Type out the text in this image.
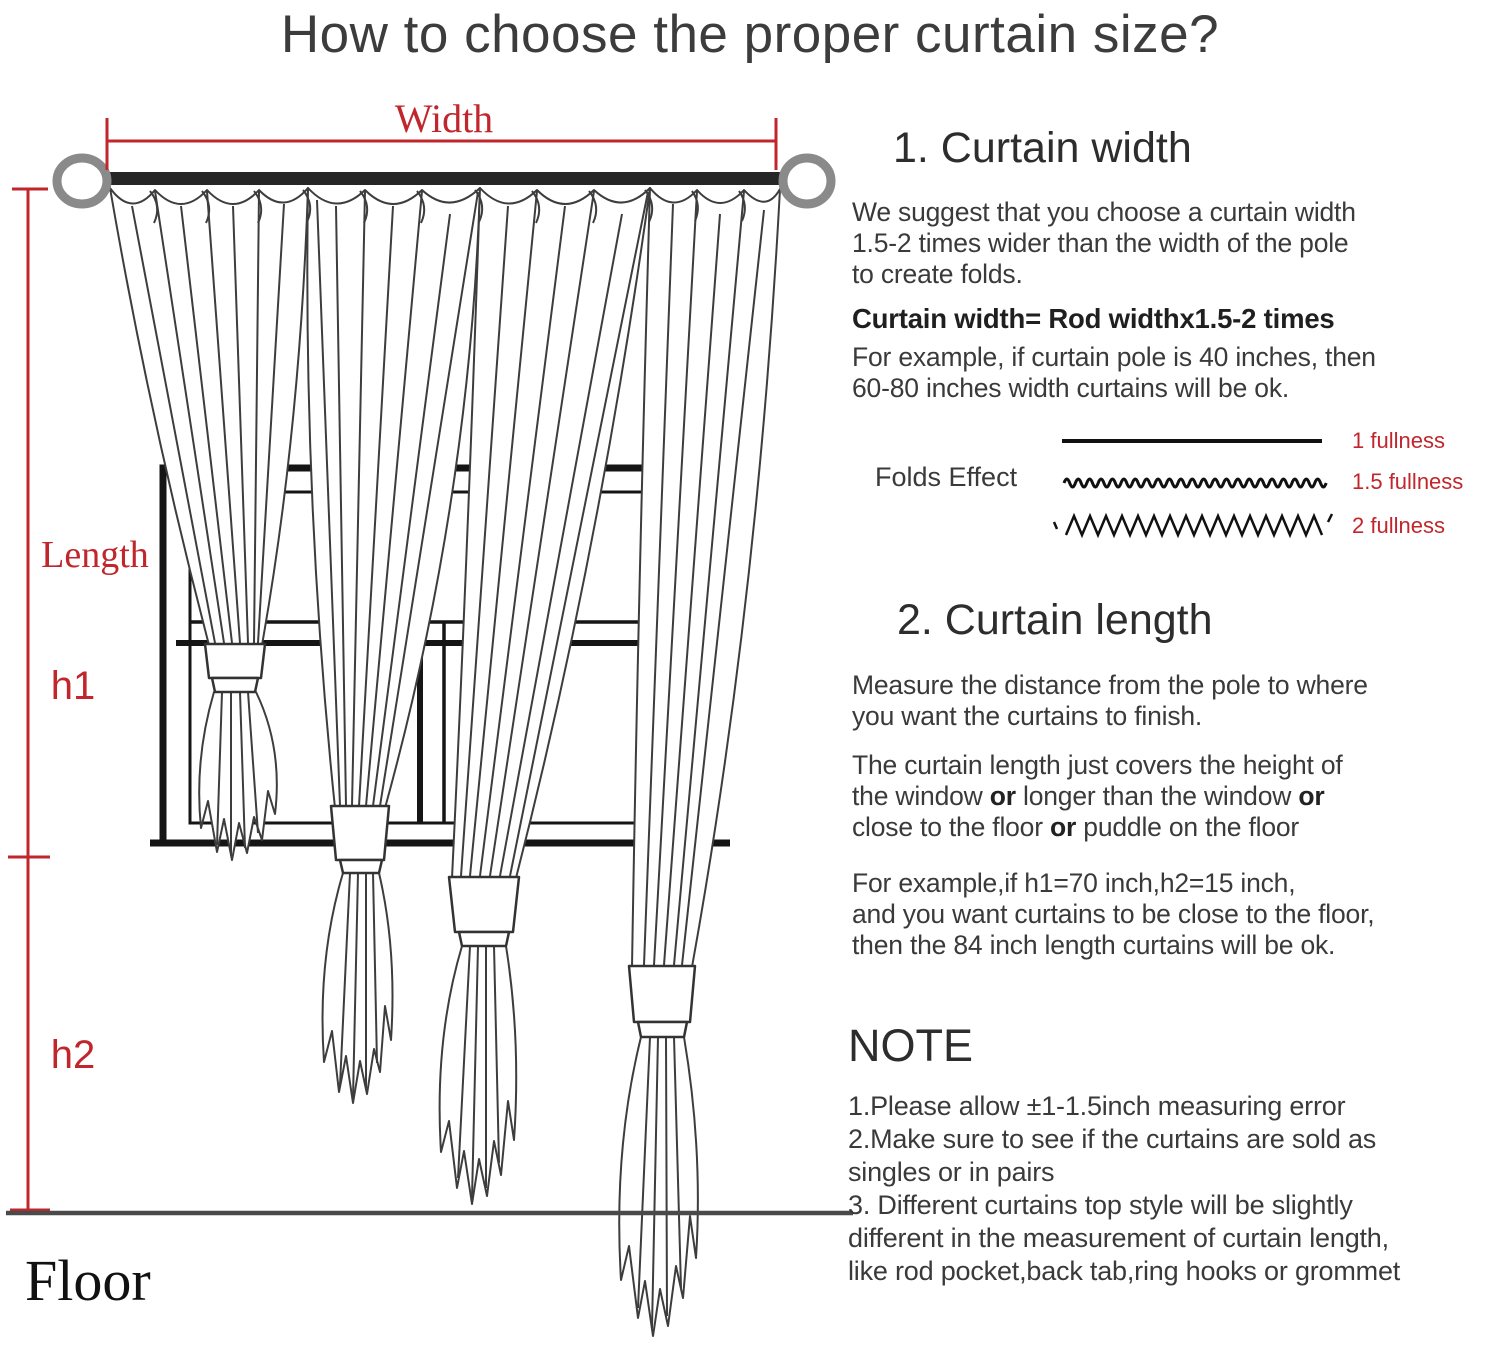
How to choose the proper curtain size?
Width
Length
h1
h2
Floor
1. Curtain width
We suggest that you choose a curtain width
1.5-2 times wider than the width of the pole
to create folds.
Curtain width= Rod widthx1.5-2 times
For example, if curtain pole is 40 inches, then
60-80 inches width curtains will be ok.
Folds Effect
1 fullness
1.5 fullness
2 fullness
2. Curtain length
Measure the distance from the pole to where
you want the curtains to finish.
The curtain length just covers the height of
the window or longer than the window or
close to the floor or puddle on the floor
For example,if h1=70 inch,h2=15 inch,
and you want curtains to be close to the floor,
then the 84 inch length curtains will be ok.
NOTE
1.Please allow ±1-1.5inch measuring error
2.Make sure to see if the curtains are sold as
singles or in pairs
3. Different curtains top style will be slightly
different in the measurement of curtain length,
like rod pocket,back tab,ring hooks or grommet
